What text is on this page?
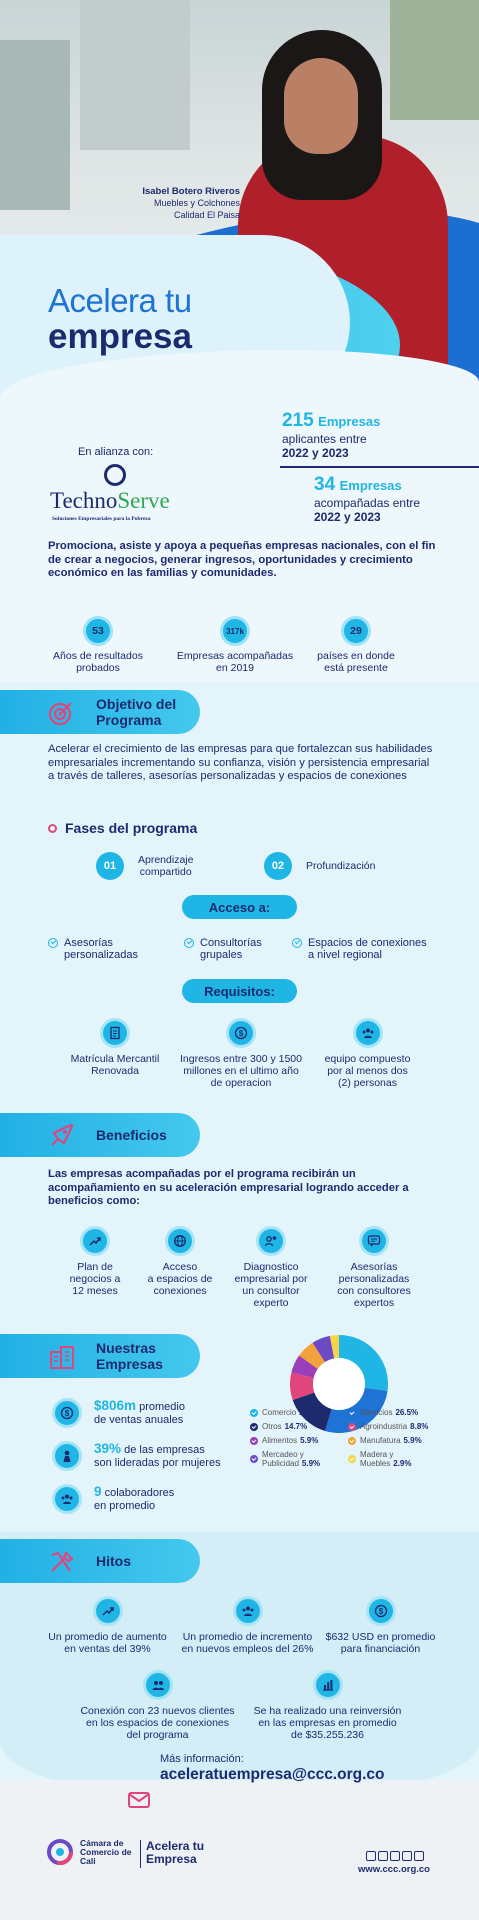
Isabel Botero Riveros
Muebles y Colchones
Calidad El Paisa
Acelera tu
empresa
215 Empresas
aplicantes entre
2022 y 2023
34 Empresas
acompañadas entre
2022 y 2023
En alianza con:
TechnoServe
Soluciones Empresariales para la Pobreza
Promociona, asiste y apoya a pequeñas empresas nacionales, con el fin de crear a negocios, generar ingresos, oportunidades y crecimiento económico en las familias y comunidades.
53
Años de resultados
probados
317k
Empresas acompañadas
en 2019
29
países en donde
está presente
Objetivo del
Programa
Acelerar el crecimiento de las empresas para que fortalezcan sus habilidades empresariales incrementando su confianza, visión y persistencia empresarial a través de talleres, asesorías personalizadas y espacios de conexiones
Fases del programa
01	Aprendizaje
compartido	02	Profundización
Acceso a:
Asesorías
personalizadas
Consultorías
grupales
Espacios de conexiones
a nivel regional
Requisitos:
Matrícula Mercantil
Renovada
$
Ingresos entre 300 y 1500
millones en el ultimo año
de operacion
equipo compuesto
por al menos dos
(2) personas
Beneficios
Las empresas acompañadas por el programa recibirán un acompañamiento en su aceleración empresarial logrando acceder a beneficios como:
Plan de
negocios a
12 meses
Acceso
a espacios de
conexiones
Diagnostico
empresarial por
un consultor
experto
Asesorías
personalizadas
con consultores
expertos
Nuestras
Empresas
$
$806m promedio
de ventas anuales
39% de las empresas
son lideradas por mujeres
9 colaboradores
en promedio
Comercio 26.5%	Servicios 26.5%
Otros 14.7%	Agroindustria 8.8%
Alimentos 5.9%	Manufatura 5.9%
Mercadeo y
Publicidad 5.9%
Madera y
Muebles 2.9%
Hitos
Un promedio de aumento
en ventas del 39%
Un promedio de incremento
en nuevos empleos del 26%
$
$632 USD en promedio
para financiación
Conexión con 23 nuevos clientes
en los espacios de conexiones
del programa
Se ha realizado una reinversión
en las empresas en promedio
de $35.255.236
Más información:
aceleratuempresa@ccc.org.co
Cámara de
Comercio de
Cali
Acelera tu
Empresa
www.ccc.org.co
